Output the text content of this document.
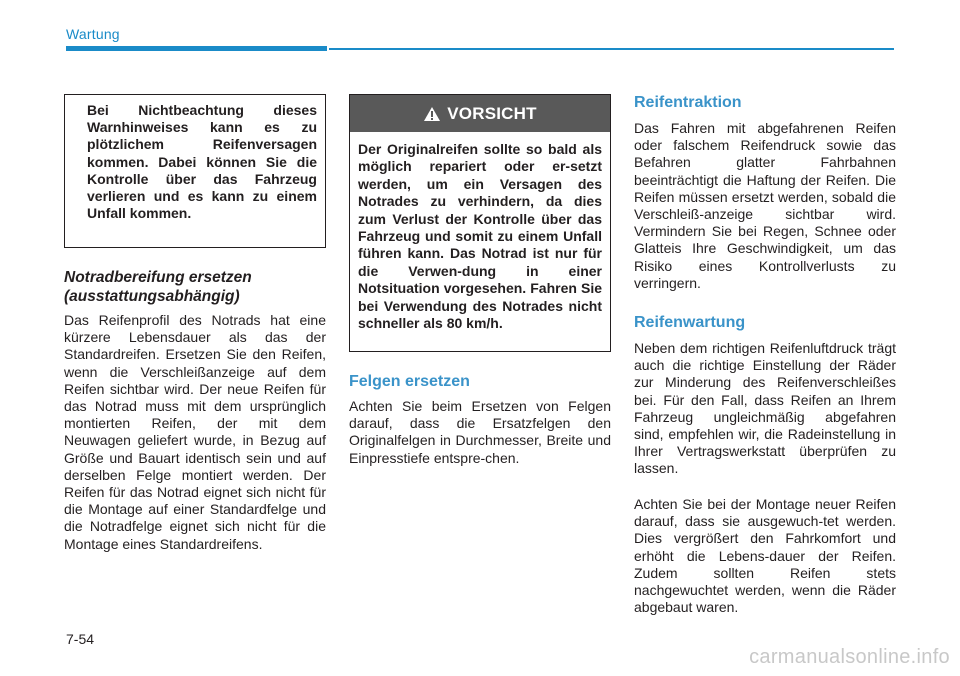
Wartung
Bei Nichtbeachtung dieses Warnhinweises kann es zu plötzlichem Reifenversagen kommen. Dabei können Sie die Kontrolle über das Fahrzeug verlieren und es kann zu einem Unfall kommen.
Notradbereifung ersetzen (ausstattungsabhängig)

Das Reifenprofil des Notrads hat eine kürzere Lebensdauer als das der Standardreifen. Ersetzen Sie den Reifen, wenn die Verschleißanzeige auf dem Reifen sichtbar wird. Der neue Reifen für das Notrad muss mit dem ursprünglich montierten Reifen, der mit dem Neuwagen geliefert wurde, in Bezug auf Größe und Bauart identisch sein und auf derselben Felge montiert werden. Der Reifen für das Notrad eignet sich nicht für die Montage auf einer Standardfelge und die Notradfelge eignet sich nicht für die Montage eines Standardreifens.

VORSICHT
Der Originalreifen sollte so bald als möglich repariert oder er-setzt werden, um ein Versagen des Notrades zu verhindern, da dies zum Verlust der Kontrolle über das Fahrzeug und somit zu einem Unfall führen kann. Das Notrad ist nur für die Verwen-dung in einer Notsituation vorgesehen. Fahren Sie bei Verwendung des Notrades nicht schneller als 80 km/h.
Felgen ersetzen

Achten Sie beim Ersetzen von Felgen darauf, dass die Ersatzfelgen den Originalfelgen in Durchmesser, Breite und Einpresstiefe entspre-chen.

Reifentraktion

Das Fahren mit abgefahrenen Reifen oder falschem Reifendruck sowie das Befahren glatter Fahrbahnen beeinträchtigt die Haftung der Reifen. Die Reifen müssen ersetzt werden, sobald die Verschleiß-anzeige sichtbar wird. Vermindern Sie bei Regen, Schnee oder Glatteis Ihre Geschwindigkeit, um das Risiko eines Kontrollverlusts zu verringern.

Reifenwartung

Neben dem richtigen Reifenluftdruck trägt auch die richtige Einstellung der Räder zur Minderung des Reifenverschleißes bei. Für den Fall, dass Reifen an Ihrem Fahrzeug ungleichmäßig abgefahren sind, empfehlen wir, die Radeinstellung in Ihrer Vertragswerkstatt überprüfen zu lassen.

Achten Sie bei der Montage neuer Reifen darauf, dass sie ausgewuch-tet werden. Dies vergrößert den Fahrkomfort und erhöht die Lebens-dauer der Reifen. Zudem sollten Reifen stets nachgewuchtet werden, wenn die Räder abgebaut waren.

7-54
carmanualsonline.info
